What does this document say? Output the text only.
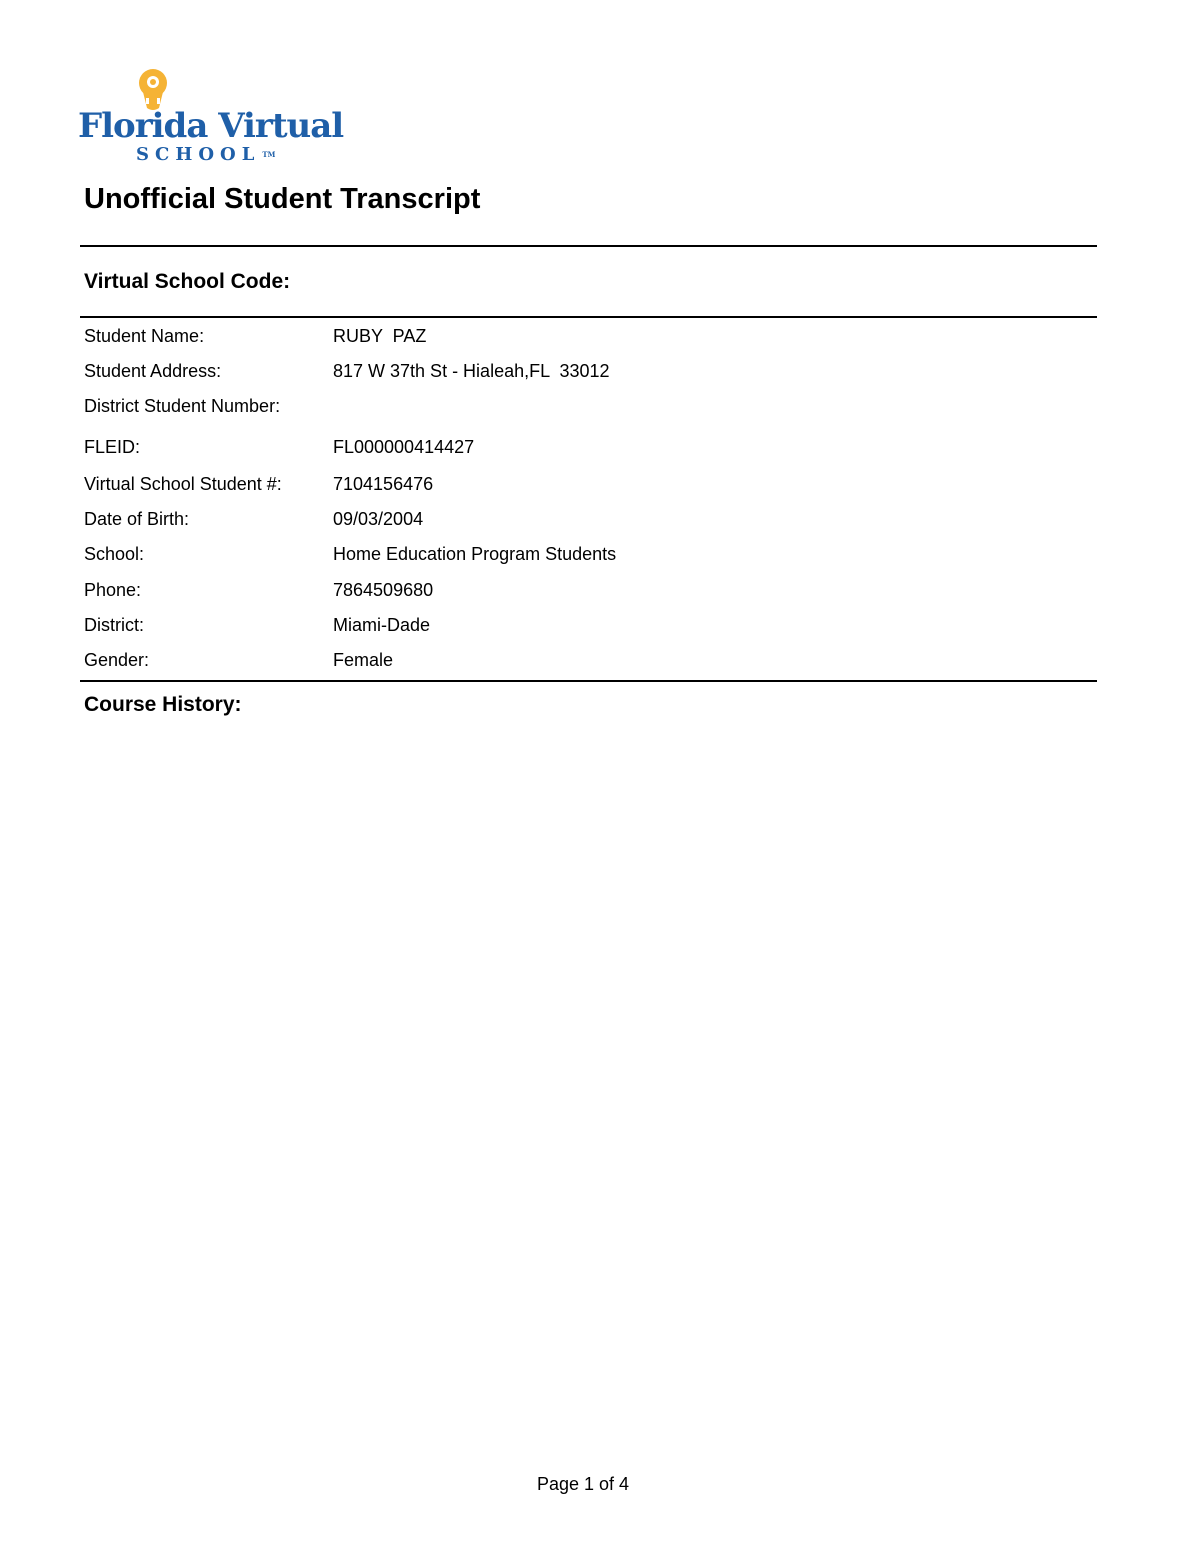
Florida Virtual
SCHOOL ™
Unofficial Student Transcript
Virtual School Code:
Student Name:	RUBY  PAZ
Student Address:	817 W 37th St - Hialeah,FL  33012
District Student Number:
FLEID:	FL000000414427
Virtual School Student #:	7104156476
Date of Birth:	09/03/2004
School:	Home Education Program Students
Phone:	7864509680
District:	Miami-Dade
Gender:	Female
Course History:
Page 1 of 4
